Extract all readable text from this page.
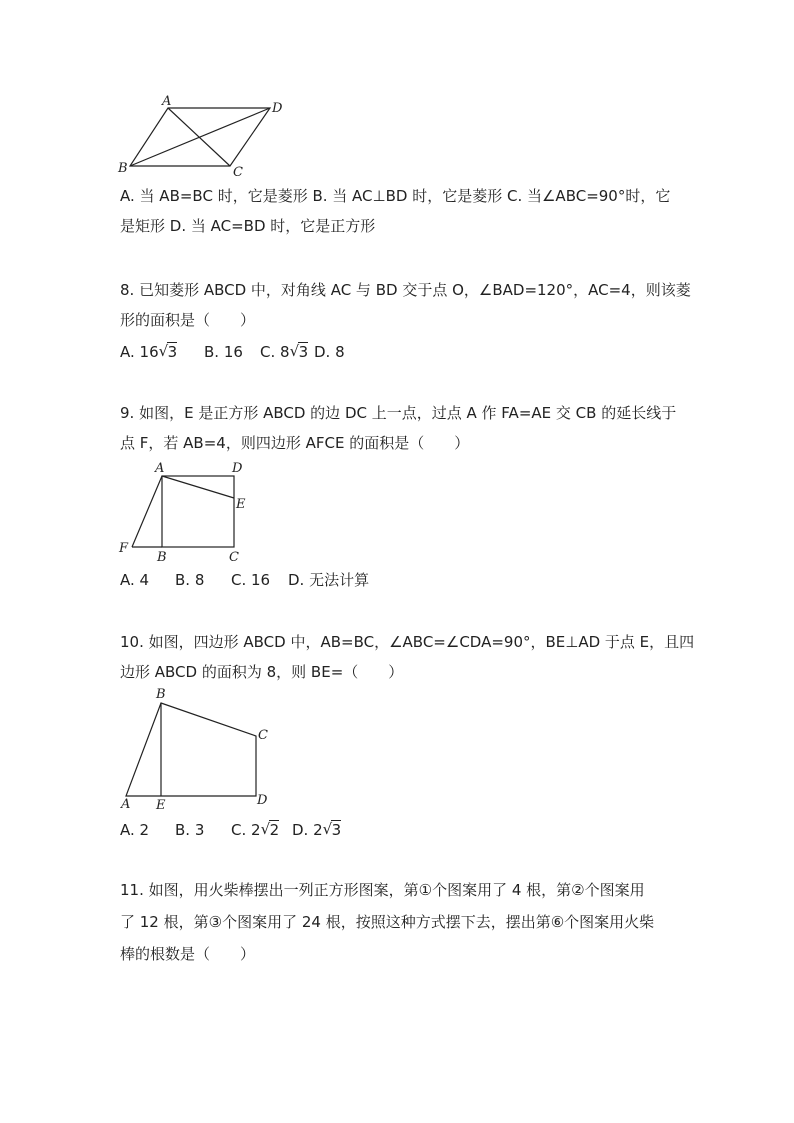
A	D
B	C
A. 当 AB=BC 时，它是菱形 B. 当 AC⊥BD 时，它是菱形 C. 当∠ABC=90°时，它
是矩形 D. 当 AC=BD 时，它是正方形
8. 已知菱形 ABCD 中，对角线 AC 与 BD 交于点 O，∠BAD=120°，AC=4，则该菱
形的面积是（　　）
A. 16 √ 3 B. 16 C. 8 √ 3 D. 8
9. 如图，E 是正方形 ABCD 的边 DC 上一点，过点 A 作 FA=AE 交 CB 的延长线于
点 F，若 AB=4，则四边形 AFCE 的面积是（　　）
A	D
E
F
B	C
A. 4 B. 8 C. 16 D. 无法计算
10. 如图，四边形 ABCD 中，AB=BC，∠ABC=∠CDA=90°，BE⊥AD 于点 E，且四
边形 ABCD 的面积为 8，则 BE=（　　）
B
C
A E	D
A. 2 B. 3 C. 2 √ 2 D. 2 √ 3
11. 如图，用火柴棒摆出一列正方形图案，第①个图案用了 4 根，第②个图案用
了 12 根，第③个图案用了 24 根，按照这种方式摆下去，摆出第⑥个图案用火柴
棒的根数是（　　）
